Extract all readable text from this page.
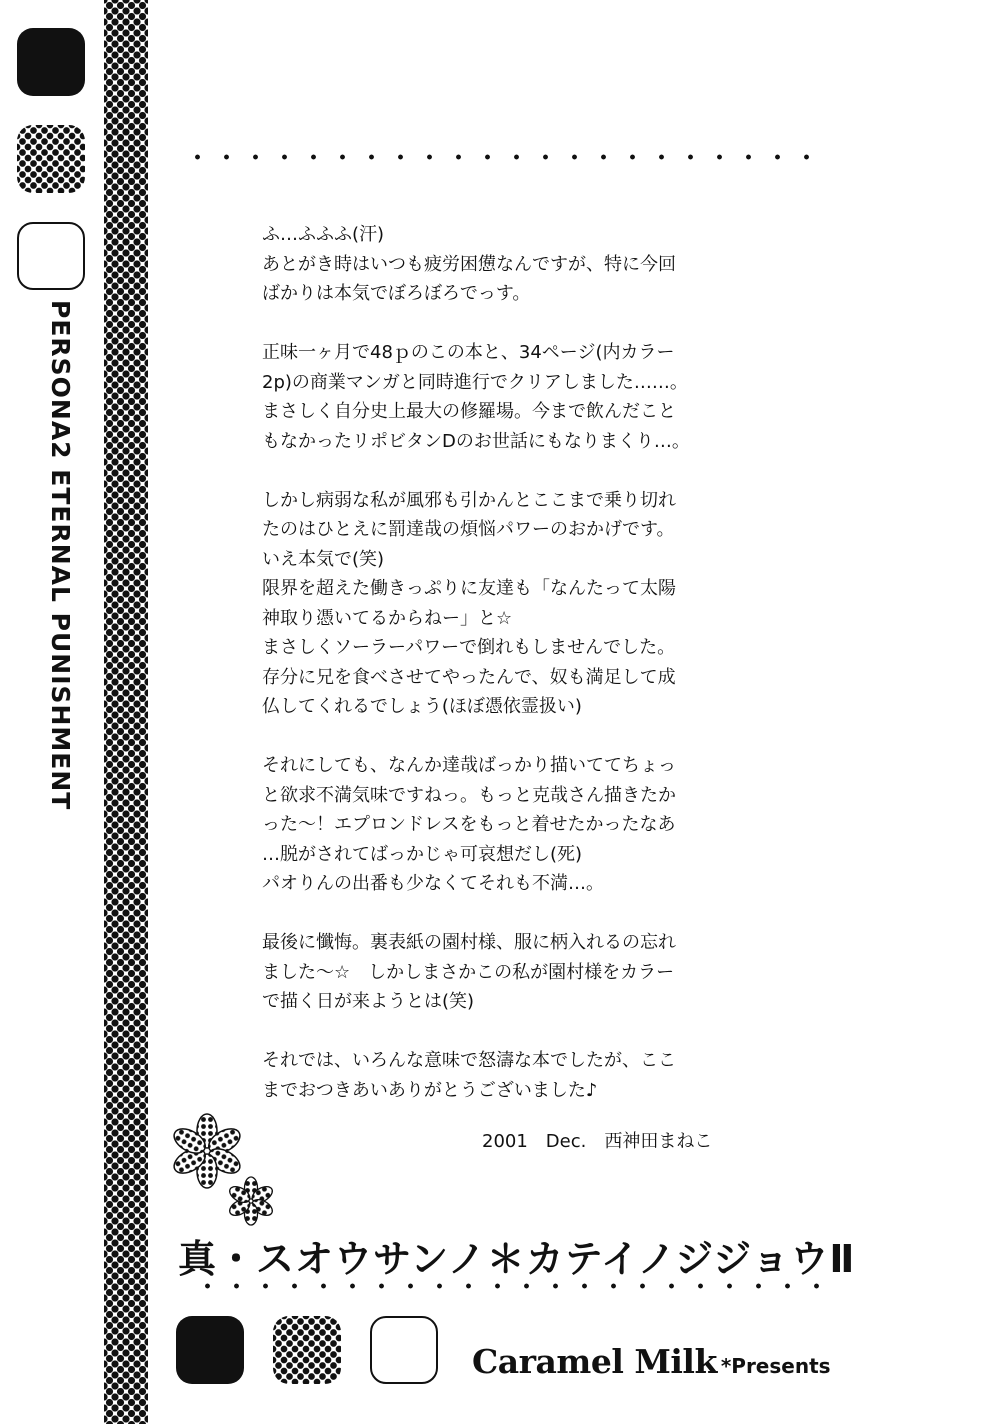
PERSONA2 ETERNAL PUNISHMENT
ふ…ふふふ(汗)
あとがき時はいつも疲労困憊なんですが、特に今回
ばかりは本気でぼろぼろでっす。
正味一ヶ月で48ｐのこの本と、34ページ(内カラー
2p)の商業マンガと同時進行でクリアしました……。
まさしく自分史上最大の修羅場。今まで飲んだこと
もなかったリポビタンDのお世話にもなりまくり…。
しかし病弱な私が風邪も引かんとここまで乗り切れ
たのはひとえに罰達哉の煩悩パワーのおかげです。
いえ本気で(笑)
限界を超えた働きっぷりに友達も「なんたって太陽
神取り憑いてるからねー」と☆
まさしくソーラーパワーで倒れもしませんでした。
存分に兄を食べさせてやったんで、奴も満足して成
仏してくれるでしょう(ほぼ憑依霊扱い)
それにしても、なんか達哉ばっかり描いててちょっ
と欲求不満気味ですねっ。もっと克哉さん描きたか
った～！エプロンドレスをもっと着せたかったなあ
…脱がされてばっかじゃ可哀想だし(死)
パオりんの出番も少なくてそれも不満…。
最後に懺悔。裏表紙の園村様、服に柄入れるの忘れ
ました～☆　しかしまさかこの私が園村様をカラー
で描く日が来ようとは(笑)
それでは、いろんな意味で怒濤な本でしたが、ここ
までおつきあいありがとうございました♪
2001　Dec.　西神田まねこ
真・スオウサンノ＊カテイノジジョウⅡ
Caramel Milk *Presents
